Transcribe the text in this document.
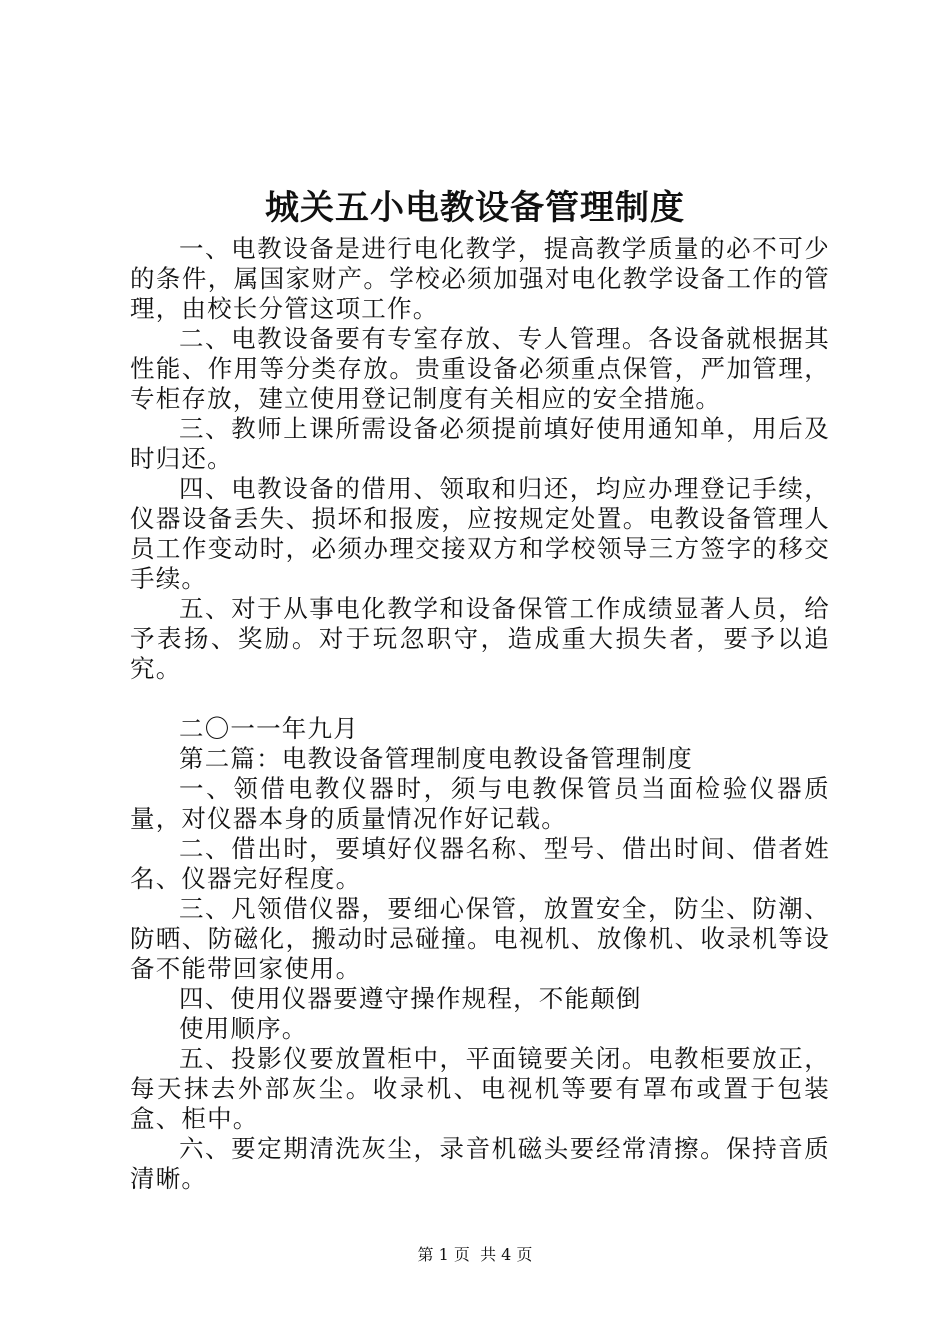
城关五小电教设备管理制度

一、电教设备是进行电化教学，提高教学质量的必不可少的条件，属国家财产。学校必须加强对电化教学设备工作的管理，由校长分管这项工作。

二、电教设备要有专室存放、专人管理。各设备就根据其性能、作用等分类存放。贵重设备必须重点保管，严加管理，专柜存放，建立使用登记制度有关相应的安全措施。

三、教师上课所需设备必须提前填好使用通知单，用后及时归还。

四、电教设备的借用、领取和归还，均应办理登记手续，仪器设备丢失、损坏和报废，应按规定处置。电教设备管理人员工作变动时，必须办理交接双方和学校领导三方签字的移交手续。

五、对于从事电化教学和设备保管工作成绩显著人员，给予表扬、奖励。对于玩忽职守，造成重大损失者，要予以追究。

二〇一一年九月

第二篇：电教设备管理制度电教设备管理制度

一、领借电教仪器时，须与电教保管员当面检验仪器质量，对仪器本身的质量情况作好记载。

二、借出时，要填好仪器名称、型号、借出时间、借者姓名、仪器完好程度。

三、凡领借仪器，要细心保管，放置安全，防尘、防潮、防晒、防磁化，搬动时忌碰撞。电视机、放像机、收录机等设备不能带回家使用。

四、使用仪器要遵守操作规程，不能颠倒

使用顺序。

五、投影仪要放置柜中，平面镜要关闭。电教柜要放正，每天抹去外部灰尘。收录机、电视机等要有罩布或置于包装盒、柜中。

六、要定期清洗灰尘，录音机磁头要经常清擦。保持音质清晰。

第 1 页  共 4 页
